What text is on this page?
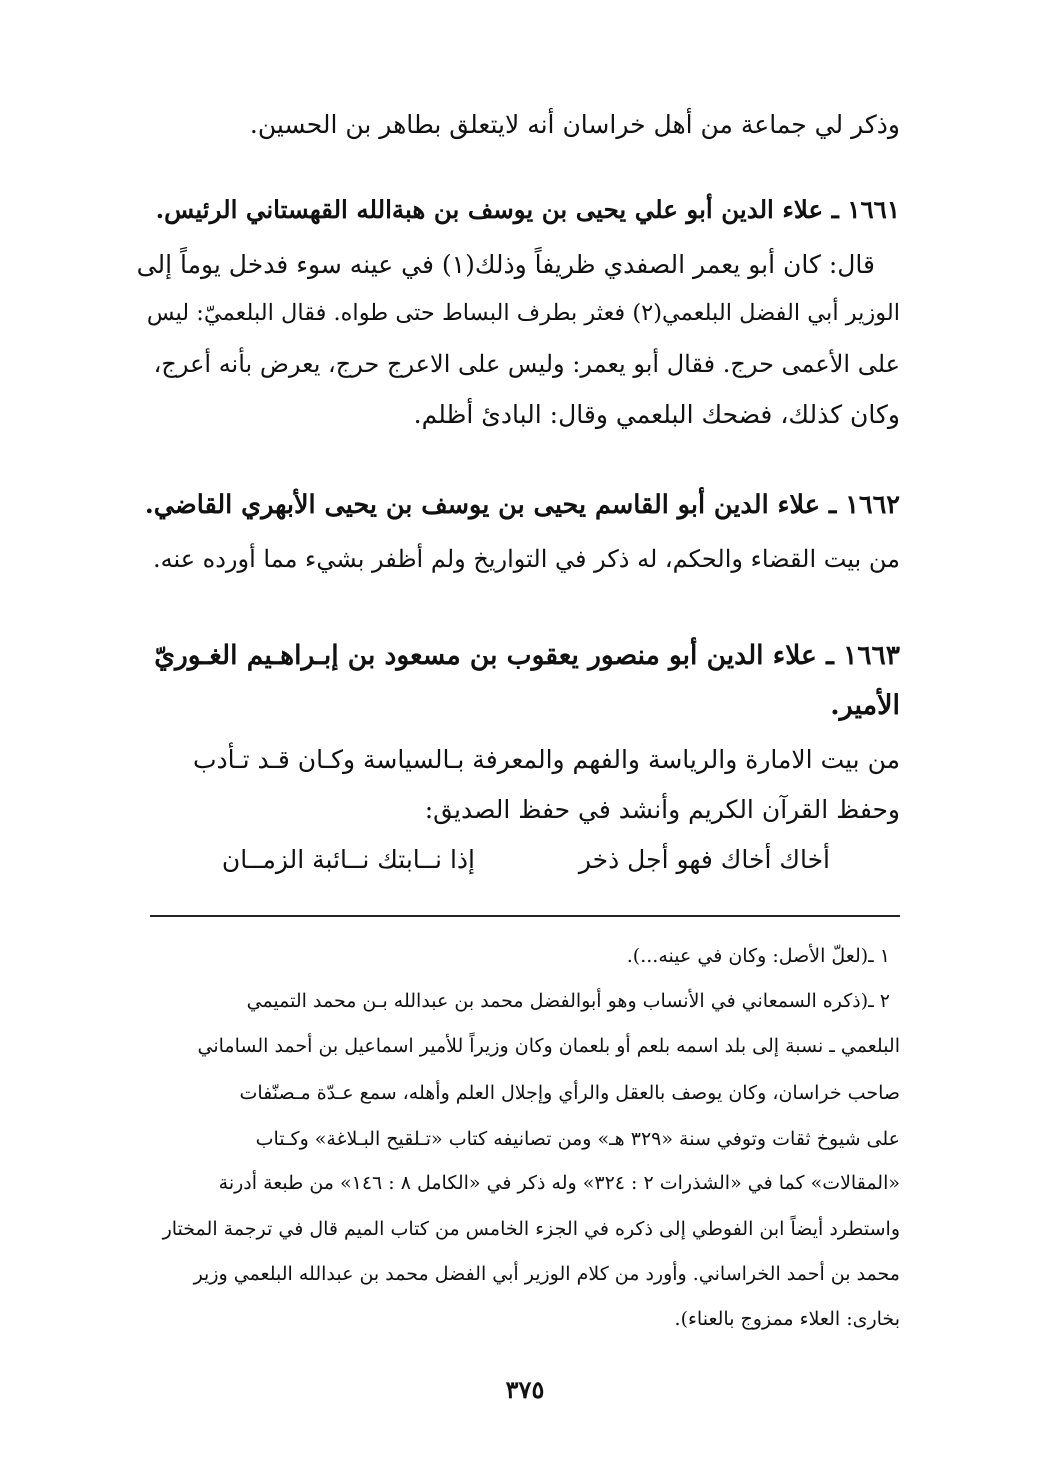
وذكر لي جماعة من أهل خراسان أنه لايتعلق بطاهر بن الحسين.
١٦٦١ ـ علاء الدين أبو علي يحيى بن يوسف بن هبةالله القهستاني الرئيس.
قال: كان أبو يعمر الصفدي ظريفاً وذلك(١) في عينه سوء فدخل يوماً إلى
الوزير أبي الفضل البلعمي(٢) فعثر بطرف البساط حتى طواه. فقال البلعميّ: ليس
على الأعمى حرج. فقال أبو يعمر: وليس على الاعرج حرج، يعرض بأنه أعرج،
وكان كذلك، فضحك البلعمي وقال: البادئ أظلم.
١٦٦٢ ـ علاء الدين أبو القاسم يحيى بن يوسف بن يحيى الأبهري القاضي.
من بيت القضاء والحكم، له ذكر في التواريخ ولم أظفر بشيء مما أورده عنه.
١٦٦٣ ـ علاء الدين أبو منصور يعقوب بن مسعود بن إبـراهـيم الغـوريّ
الأمير.
من بيت الامارة والرياسة والفهم والمعرفة بـالسياسة وكـان قـد تـأدب
وحفظ القرآن الكريم وأنشد في حفظ الصديق:
أخاك أخاك فهو أجل ذخر
إذا نــابتك نــائبة الزمــان
١ ـ(لعلّ الأصل: وكان في عينه...).
٢ ـ(ذكره السمعاني في الأنساب وهو أبوالفضل محمد بن عبدالله بـن محمد التميمي
البلعمي ـ نسبة إلى بلد اسمه بلعم أو بلعمان وكان وزيراً للأمير اسماعيل بن أحمد الساماني
صاحب خراسان، وكان يوصف بالعقل والرأي وإجلال العلم وأهله، سمع عـدّة مـصنّفات
على شيوخ ثقات وتوفي سنة «٣٢٩ هـ» ومن تصانيفه كتاب «تـلقيح البـلاغة» وكـتاب
«المقالات» كما في «الشذرات ٢ : ٣٢٤» وله ذكر في «الكامل ٨ : ١٤٦» من طبعة أدرنة
واستطرد أيضاً ابن الفوطي إلى ذكره في الجزء الخامس من كتاب الميم قال في ترجمة المختار
محمد بن أحمد الخراساني. وأورد من كلام الوزير أبي الفضل محمد بن عبدالله البلعمي وزير
بخارى: العلاء ممزوج بالعناء).
٣٧٥
